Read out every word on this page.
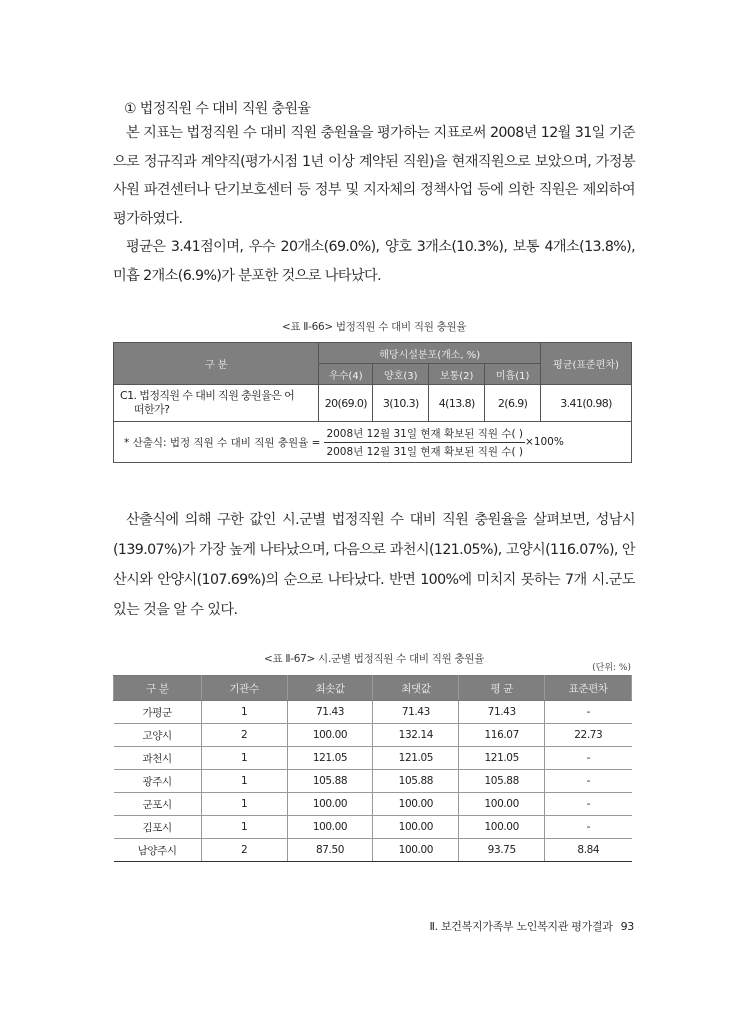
① 법정직원 수 대비 직원 충원율
본 지표는 법정직원 수 대비 직원 충원율을 평가하는 지표로써 2008년 12월 31일 기준으로 정규직과 계약직(평가시점 1년 이상 계약된 직원)을 현재직원으로 보았으며, 가정봉사원 파견센터나 단기보호센터 등 정부 및 지자체의 정책사업 등에 의한 직원은 제외하여 평가하였다.
평균은 3.41점이며, 우수 20개소(69.0%), 양호 3개소(10.3%), 보통 4개소(13.8%), 미흡 2개소(6.9%)가 분포한 것으로 나타났다.
<표 Ⅱ-66> 법정직원 수 대비 직원 충원율
구 분	해당시설분포(개소, %)				평균(표준편차)
	우수(4)	양호(3)	보통(2)	미흡(1)	

C1. 법정직원 수 대비 직원 충원율은 어
떠한가?	20(69.0)	3(10.3)	4(13.8)	2(6.9)	3.41(0.98)

* 산출식: 법정 직원 수 대비 직원 충원율 = $\frac{\text{2008년 12월 31일 현재 확보된 직원 수( )}}{\text{2008년 12월 31일 현재 확보된 직원 수( )}} \times 100\%$					
산출식에 의해 구한 값인 시․군별 법정직원 수 대비 직원 충원율을 살펴보면, 성남시(139.07%)가 가장 높게 나타났으며, 다음으로 과천시(121.05%), 고양시(116.07%), 안산시와 안양시(107.69%)의 순으로 나타났다. 반면 100%에 미치지 못하는 7개 시․군도 있는 것을 알 수 있다.
<표 Ⅱ-67> 시․군별 법정직원 수 대비 직원 충원율
(단위: %)
구 분	기관수	최솟값	최댓값	평 균	표준편차
가평군	1	71.43	71.43	71.43	-
고양시	2	100.00	132.14	116.07	22.73
과천시	1	121.05	121.05	121.05	-
광주시	1	105.88	105.88	105.88	-
군포시	1	100.00	100.00	100.00	-
김포시	1	100.00	100.00	100.00	-
남양주시	2	87.50	100.00	93.75	8.84
Ⅱ. 보건복지가족부 노인복지관 평가결과 93
